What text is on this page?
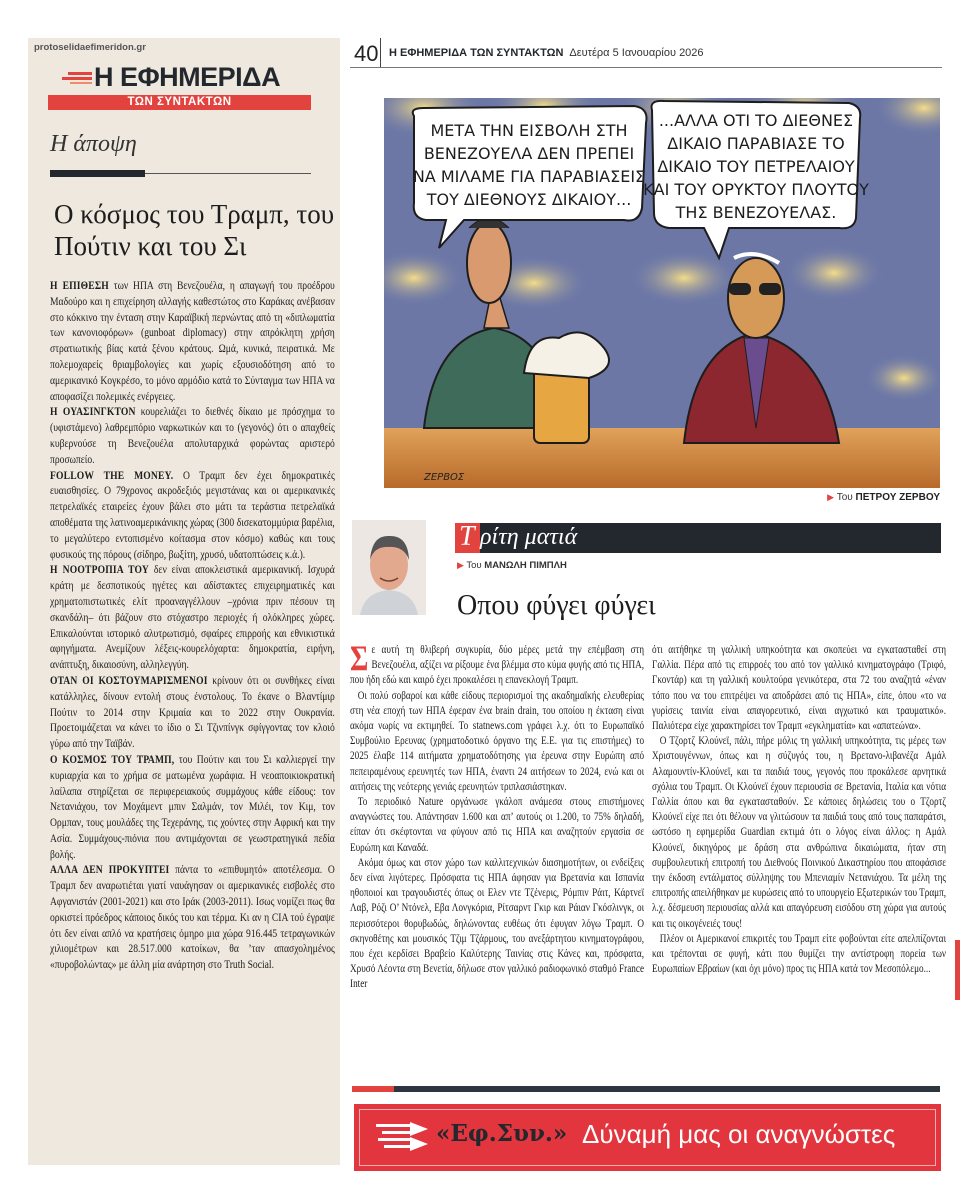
protoselidaefimeridon.gr
Η ΕΦΗΜΕΡΙΔΑ
ΤΩΝ ΣΥΝΤΑΚΤΩΝ
Η άποψη
Ο κόσμος του Τραμπ, του Πούτιν και του Σι

Η ΕΠΙΘΕΣΗ των ΗΠΑ στη Βενεζουέλα, η απαγωγή του προέδρου Μαδούρο και η επιχείρηση αλλαγής καθεστώτος στο Καράκας ανέβασαν στο κόκκινο την ένταση στην Καραϊβική περνώντας από τη «διπλωματία των κανονιοφόρων» (gunboat diplomacy) στην απρόκλητη χρήση στρατιωτικής βίας κατά ξένου κράτους. Ωμά, κυνικά, πειρατικά. Με πολεμοχαρείς θριαμβολογίες και χωρίς εξουσιοδότηση από το αμερικανικό Κογκρέσο, το μόνο αρμόδιο κατά το Σύνταγμα των ΗΠΑ να αποφασίζει πολεμικές ενέργειες.

Η ΟΥΑΣΙΝΓΚΤΟΝ κουρελιάζει το διεθνές δίκαιο με πρόσχημα το (υφιστάμενο) λαθρεμπόριο ναρκωτικών και το (γεγονός) ότι ο απαχθείς κυβερνούσε τη Βενεζουέλα απολυταρχικά φορώντας αριστερό προσωπείο.

FOLLOW THE MONEY. Ο Τραμπ δεν έχει δημοκρατικές ευαισθησίες. Ο 79χρονος ακροδεξιός μεγιστάνας και οι αμερικανικές πετρελαϊκές εταιρείες έχουν βάλει στο μάτι τα τεράστια πετρελαϊκά αποθέματα της λατινοαμερικάνικης χώρας (300 δισεκατομμύρια βαρέλια, το μεγαλύτερο εντοπισμένο κοίτασμα στον κόσμο) καθώς και τους φυσικούς της πόρους (σίδηρο, βωξίτη, χρυσό, υδατοπτώσεις κ.ά.).

Η ΝΟΟΤΡΟΠΙΑ ΤΟΥ δεν είναι αποκλειστικά αμερικανική. Ισχυρά κράτη με δεσποτικούς ηγέτες και αδίστακτες επιχειρηματικές και χρηματοπιστωτικές ελίτ προαναγγέλλουν –χρόνια πριν πέσουν τη σκανδάλη– ότι βάζουν στο στόχαστρο περιοχές ή ολόκληρες χώρες. Επικαλούνται ιστορικό αλυτρωτισμό, σφαίρες επιρροής και εθνικιστικά αφηγήματα. Ανεμίζουν λέξεις-κουρελόχαρτα: δημοκρατία, ειρήνη, ανάπτυξη, δικαιοσύνη, αλληλεγγύη.

ΟΤΑΝ ΟΙ ΚΟΣΤΟΥΜΑΡΙΣΜΕΝΟΙ κρίνουν ότι οι συνθήκες είναι κατάλληλες, δίνουν εντολή στους ένστολους. Το έκανε ο Βλαντίμιρ Πούτιν το 2014 στην Κριμαία και το 2022 στην Ουκρανία. Προετοιμάζεται να κάνει το ίδιο ο Σι Τζινπίνγκ σφίγγοντας τον κλοιό γύρω από την Ταϊβάν.

Ο ΚΟΣΜΟΣ ΤΟΥ ΤΡΑΜΠ, του Πούτιν και του Σι καλλιεργεί την κυριαρχία και το χρήμα σε ματωμένα χωράφια. Η νεοαποικιοκρατική λαίλαπα στηρίζεται σε περιφερειακούς συμμάχους κάθε είδους: τον Νετανιάχου, τον Μοχάμεντ μπιν Σαλμάν, τον Μιλέι, τον Κιμ, τον Ορμπαν, τους μουλάδες της Τεχεράνης, τις χούντες στην Αφρική και την Ασία. Συμμάχους-πιόνια που αντιμάχονται σε γεωστρατηγικά πεδία βολής.

ΑΛΛΑ ΔΕΝ ΠΡΟΚΥΠΤΕΙ πάντα το «επιθυμητό» αποτέλεσμα. Ο Τραμπ δεν αναρωτιέται γιατί ναυάγησαν οι αμερικανικές εισβολές στο Αφγανιστάν (2001-2021) και στο Ιράκ (2003-2011). Ισως νομίζει πως θα ορκιστεί πρόεδρος κάποιος δικός του και τέρμα. Κι αν η CIA τού έγραψε ότι δεν είναι απλό να κρατήσεις όμηρο μια χώρα 916.445 τετραγωνικών χιλιομέτρων και 28.517.000 κατοίκων, θα ’ταν απασχολημένος «πυροβολώντας» με άλλη μία ανάρτηση στο Truth Social.

40 Η ΕΦΗΜΕΡΙΔΑ ΤΩΝ ΣΥΝΤΑΚΤΩΝ Δευτέρα 5 Ιανουαρίου 2026
ΜΕΤΑ ΤΗΝ ΕΙΣΒΟΛΗ ΣΤΗ
ΒΕΝΕΖΟΥΕΛΑ ΔΕΝ ΠΡΕΠΕΙ
ΝΑ ΜΙΛΑΜΕ ΓΙΑ ΠΑΡΑΒΙΑΣΕΙΣ
ΤΟΥ ΔΙΕΘΝΟΥΣ ΔΙΚΑΙΟΥ...
...ΑΛΛΑ ΟΤΙ ΤΟ ΔΙΕΘΝΕΣ
ΔΙΚΑΙΟ ΠΑΡΑΒΙΑΣΕ ΤΟ
ΔΙΚΑΙΟ ΤΟΥ ΠΕΤΡΕΛΑΙΟΥ
ΚΑΙ ΤΟΥ ΟΡΥΚΤΟΥ ΠΛΟΥΤΟΥ
ΤΗΣ ΒΕΝΕΖΟΥΕΛΑΣ.
ΖΕΡΒΟΣ
▶ Του ΠΕΤΡΟΥ ΖΕΡΒΟΥ
Τ ρίτη ματιά
▶ Του ΜΑΝΩΛΗ ΠΙΜΠΛΗ
Οπου φύγει φύγει

Σε αυτή τη θλιβερή συγκυρία, δύο μέρες μετά την επέμβαση στη Βενεζουέλα, αξίζει να ρίξουμε ένα βλέμμα στο κύμα φυγής από τις ΗΠΑ, που ήδη εδώ και καιρό έχει προκαλέσει η επανεκλογή Τραμπ.

Οι πολύ σοβαροί και κάθε είδους περιορισμοί της ακαδημαϊκής ελευθερίας στη νέα εποχή των ΗΠΑ έφεραν ένα brain drain, του οποίου η έκταση είναι ακόμα νωρίς να εκτιμηθεί. Το statnews.com γράφει λ.χ. ότι το Ευρωπαϊκό Συμβούλιο Ερευνας (χρηματοδοτικό όργανο της Ε.Ε. για τις επιστήμες) το 2025 έλαβε 114 αιτήματα χρηματοδότησης για έρευνα στην Ευρώπη από πεπειραμένους ερευνητές των ΗΠΑ, έναντι 24 αιτήσεων το 2024, ενώ και οι αιτήσεις της νεότερης γενιάς ερευνητών τριπλασιάστηκαν.

Το περιοδικό Nature οργάνωσε γκάλοπ ανάμεσα στους επιστήμονες αναγνώστες του. Απάντησαν 1.600 και απ’ αυτούς οι 1.200, το 75% δηλαδή, είπαν ότι σκέφτονται να φύγουν από τις ΗΠΑ και αναζητούν εργασία σε Ευρώπη και Καναδά.

Ακόμα όμως και στον χώρο των καλλιτεχνικών διασημοτήτων, οι ενδείξεις δεν είναι λιγότερες. Πρόσφατα τις ΗΠΑ άφησαν για Βρετανία και Ισπανία ηθοποιοί και τραγουδιστές όπως οι Ελεν ντε Τζένερις, Ρόμπιν Ράιτ, Κάρτνεϊ Λαβ, Ρόζι Ο’ Ντόνελ, Εβα Λονγκόρια, Ρίτσαρντ Γκιρ και Ράιαν Γκόσλινγκ, οι περισσότεροι θορυβωδώς, δηλώνοντας ευθέως ότι έφυγαν λόγω Τραμπ. Ο σκηνοθέτης και μουσικός Τζιμ Τζάρμους, του ανεξάρτητου κινηματογράφου, που έχει κερδίσει Βραβείο Καλύτερης Ταινίας στις Κάνες και, πρόσφατα, Χρυσό Λέοντα στη Βενετία, δήλωσε στον γαλλικό ραδιοφωνικό σταθμό France Inter

ότι αιτήθηκε τη γαλλική υπηκοότητα και σκοπεύει να εγκατασταθεί στη Γαλλία. Πέρα από τις επιρροές του από τον γαλλικό κινηματογράφο (Τριφό, Γκοντάρ) και τη γαλλική κουλτούρα γενικότερα, στα 72 του αναζητά «έναν τόπο που να του επιτρέψει να αποδράσει από τις ΗΠΑ», είπε, όπου «το να γυρίσεις ταινία είναι απαγορευτικό, είναι αγχωτικό και τραυματικό». Παλιότερα είχε χαρακτηρίσει τον Τραμπ «εγκληματία» και «απατεώνα».

Ο Τζορτζ Κλούνεϊ, πάλι, πήρε μόλις τη γαλλική υπηκοότητα, τις μέρες των Χριστουγέννων, όπως και η σύζυγός του, η Βρετανο-λιβανέζα Αμάλ Αλαμουντίν-Κλούνεϊ, και τα παιδιά τους, γεγονός που προκάλεσε αρνητικά σχόλια του Τραμπ. Οι Κλούνεϊ έχουν περιουσία σε Βρετανία, Ιταλία και νότια Γαλλία όπου και θα εγκατασταθούν. Σε κάποιες δηλώσεις του ο Τζορτζ Κλούνεϊ είχε πει ότι θέλουν να γλιτώσουν τα παιδιά τους από τους παπαράτσι, ωστόσο η εφημερίδα Guardian εκτιμά ότι ο λόγος είναι άλλος: η Αμάλ Κλούνεϊ, δικηγόρος με δράση στα ανθρώπινα δικαιώματα, ήταν στη συμβουλευτική επιτροπή του Διεθνούς Ποινικού Δικαστηρίου που αποφάσισε την έκδοση εντάλματος σύλληψης του Μπενιαμίν Νετανιάχου. Τα μέλη της επιτροπής απειλήθηκαν με κυρώσεις από το υπουργείο Εξωτερικών του Τραμπ, λ.χ. δέσμευση περιουσίας αλλά και απαγόρευση εισόδου στη χώρα για αυτούς και τις οικογένειές τους!

Πλέον οι Αμερικανοί επικριτές του Τραμπ είτε φοβούνται είτε απελπίζονται και τρέπονται σε φυγή, κάτι που θυμίζει την αντίστροφη πορεία των Ευρωπαίων Εβραίων (και όχι μόνο) προς τις ΗΠΑ κατά τον Μεσοπόλεμο...

«Εφ.Συν.» Δύναμή μας οι αναγνώστες
